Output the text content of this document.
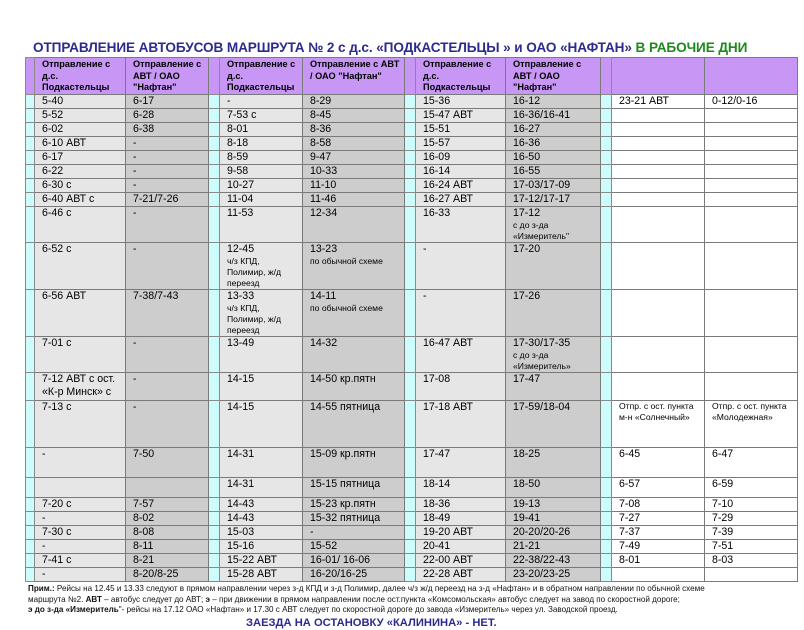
ОТПРАВЛЕНИЕ АВТОБУСОВ МАРШРУТА № 2 с д.с. «ПОДКАСТЕЛЬЦЫ » и ОАО «НАФТАН» В РАБОЧИЕ ДНИ
	Отправление с д.с. Подкастельцы	Отправление с АВТ / ОАО "Нафтан"		Отправление с д.с. Подкастельцы	Отправление с АВТ / ОАО "Нафтан"		Отправление с д.с. Подкастельцы	Отправление с АВТ / ОАО "Нафтан"			

	5-40	6-17		-	8-29		15-36	16-12		23-21 АВТ	0-12/0-16

	5-52	6-28		7-53 с	8-45		15-47 АВТ	16-36/16-41			

	6-02	6-38		8-01	8-36		15-51	16-27			

	6-10 АВТ	-		8-18	8-58		15-57	16-36			

	6-17	-		8-59	9-47		16-09	16-50			

	6-22	-		9-58	10-33		16-14	16-55			

	6-30 с	-		10-27	11-10		16-24 АВТ	17-03/17-09			

	6-40 АВТ с	7-21/7-26		11-04	11-46		16-27 АВТ	17-12/17-17			

	6-46 с	-		11-53	12-34		16-33	17-12
с до з-да «Измеритель"			

	6-52 с	-		12-45
ч/з КПД, Полимир, ж/д переезд	13-23
по обычной схеме		-	17-20			

	6-56 АВТ	7-38/7-43		13-33
ч/з КПД, Полимир, ж/д переезд	14-11
по обычной схеме		-	17-26			

	7-01 с	-		13-49	14-32		16-47 АВТ	17-30/17-35
с до з-да «Измеритель»			

	7-12 АВТ с ост. «К-р Минск» с	-		14-15	14-50 кр.пятн		17-08	17-47			

	7-13 с	-		14-15	14-55 пятница		17-18 АВТ	17-59/18-04		Отпр. с ост. пункта м-н «Солнечный»	Отпр. с ост. пункта «Молодежная»

	-	7-50		14-31	15-09 кр.пятн		17-47	18-25		6-45	6-47

				14-31	15-15 пятница		18-14	18-50		6-57	6-59

	7-20 с	7-57		14-43	15-23 кр.пятн		18-36	19-13		7-08	7-10

	-	8-02		14-43	15-32 пятница		18-49	19-41		7-27	7-29

	7-30 с	8-08		15-03	-		19-20 АВТ	20-20/20-26		7-37	7-39

	-	8-11		15-16	15-52		20-41	21-21		7-49	7-51

	7-41 с	8-21		15-22 АВТ	16-01/ 16-06		22-00 АВТ	22-38/22-43		8-01	8-03

	-	8-20/8-25		15-28 АВТ	16-20/16-25		22-28 АВТ	23-20/23-25			

Прим.: Рейсы на 12.45 и 13.33 следуют в прямом направлении через з-д КПД и з-д Полимир, далее ч/з ж/д переезд на з-д «Нафтан» и в обратном направлении по обычной схеме
маршрута №2. АВТ – автобус следует до АВТ; э – при движении в прямом направлении после ост.пункта «Комсомольская» автобус следует на завод по скоростной дороге;
э до з-да «Измеритель"- рейсы на 17.12 ОАО «Нафтан» и 17.30 с АВТ следует по скоростной дороге до завода «Измеритель» через ул. Заводской проезд.
ЗАЕЗДА НА ОСТАНОВКУ «КАЛИНИНА» - НЕТ.
